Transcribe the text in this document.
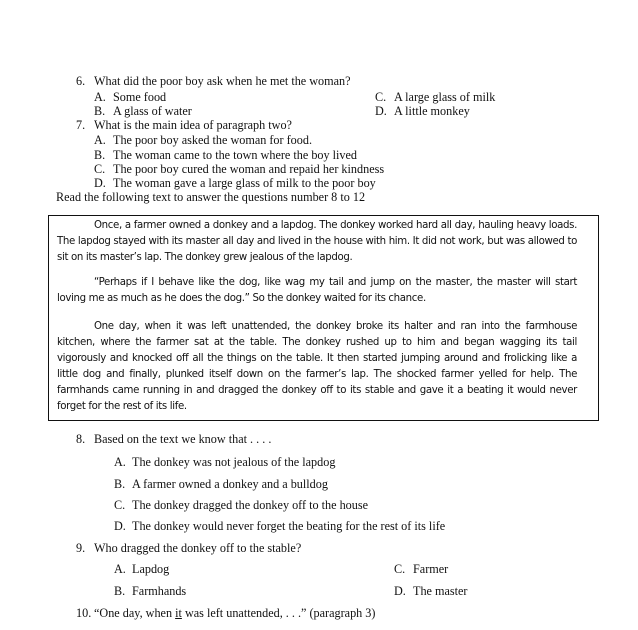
6. What did the poor boy ask when he met the woman?
A. Some food
B. A glass of water
C. A large glass of milk
D. A little monkey
7. What is the main idea of paragraph two?
A. The poor boy asked the woman for food.
B. The woman came to the town where the boy lived
C. The poor boy cured the woman and repaid her kindness
D. The woman gave a large glass of milk to the poor boy
Read the following text to answer the questions number 8 to 12
Once, a farmer owned a donkey and a lapdog. The donkey worked hard all day, hauling heavy loads.
The lapdog stayed with its master all day and lived in the house with him. It did not work, but was allowed to
sit on its master’s lap. The donkey grew jealous of the lapdog.
“Perhaps if I behave like the dog, like wag my tail and jump on the master, the master will start
loving me as much as he does the dog.” So the donkey waited for its chance.
One day, when it was left unattended, the donkey broke its halter and ran into the farmhouse
kitchen, where the farmer sat at the table. The donkey rushed up to him and began wagging its tail
vigorously and knocked off all the things on the table. It then started jumping around and frolicking like a
little dog and finally, plunked itself down on the farmer’s lap. The shocked farmer yelled for help. The
farmhands came running in and dragged the donkey off to its stable and gave it a beating it would never
forget for the rest of its life.
8. Based on the text we know that . . . .
A. The donkey was not jealous of the lapdog
B. A farmer owned a donkey and a bulldog
C. The donkey dragged the donkey off to the house
D. The donkey would never forget the beating for the rest of its life
9. Who dragged the donkey off to the stable?
A. Lapdog
B. Farmhands
C. Farmer
D. The master
10. “One day, when it was left unattended, . . .” (paragraph 3)
